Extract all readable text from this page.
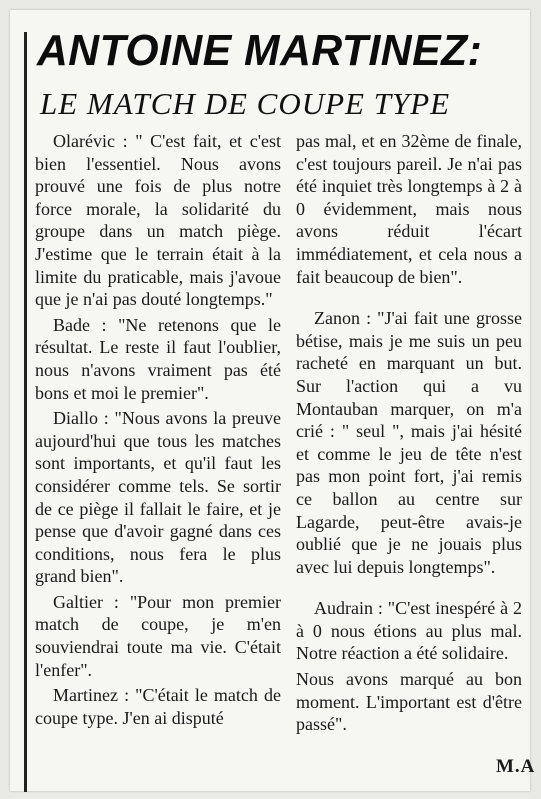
ANTOINE MARTINEZ:
LE MATCH DE COUPE TYPE

Olarévic : " C'est fait, et c'est bien l'essentiel. Nous avons prouvé une fois de plus notre force morale, la solidarité du groupe dans un match piège. J'estime que le terrain était à la limite du praticable, mais j'avoue que je n'ai pas douté longtemps."

Bade : "Ne retenons que le résultat. Le reste il faut l'oublier, nous n'avons vraiment pas été bons et moi le premier".

Diallo : "Nous avons la preuve aujourd'hui que tous les matches sont importants, et qu'il faut les considérer comme tels. Se sortir de ce piège il fallait le faire, et je pense que d'avoir gagné dans ces conditions, nous fera le plus grand bien".

Galtier : "Pour mon premier match de coupe, je m'en souviendrai toute ma vie. C'était l'enfer".

Martinez : "C'était le match de coupe type. J'en ai disputé

pas mal, et en 32ème de finale, c'est toujours pareil. Je n'ai pas été inquiet très longtemps à 2 à 0 évidemment, mais nous avons réduit l'écart immédiatement, et cela nous a fait beaucoup de bien".

Zanon : "J'ai fait une grosse bétise, mais je me suis un peu racheté en marquant un but. Sur l'action qui a vu Montauban marquer, on m'a crié : " seul ", mais j'ai hésité et comme le jeu de tête n'est pas mon point fort, j'ai remis ce ballon au centre sur Lagarde, peut-être avais-je oublié que je ne jouais plus avec lui depuis longtemps".

Audrain : "C'est inespéré à 2 à 0 nous étions au plus mal. Notre réaction a été solidaire.

Nous avons marqué au bon moment. L'important est d'être passé".

M.A
